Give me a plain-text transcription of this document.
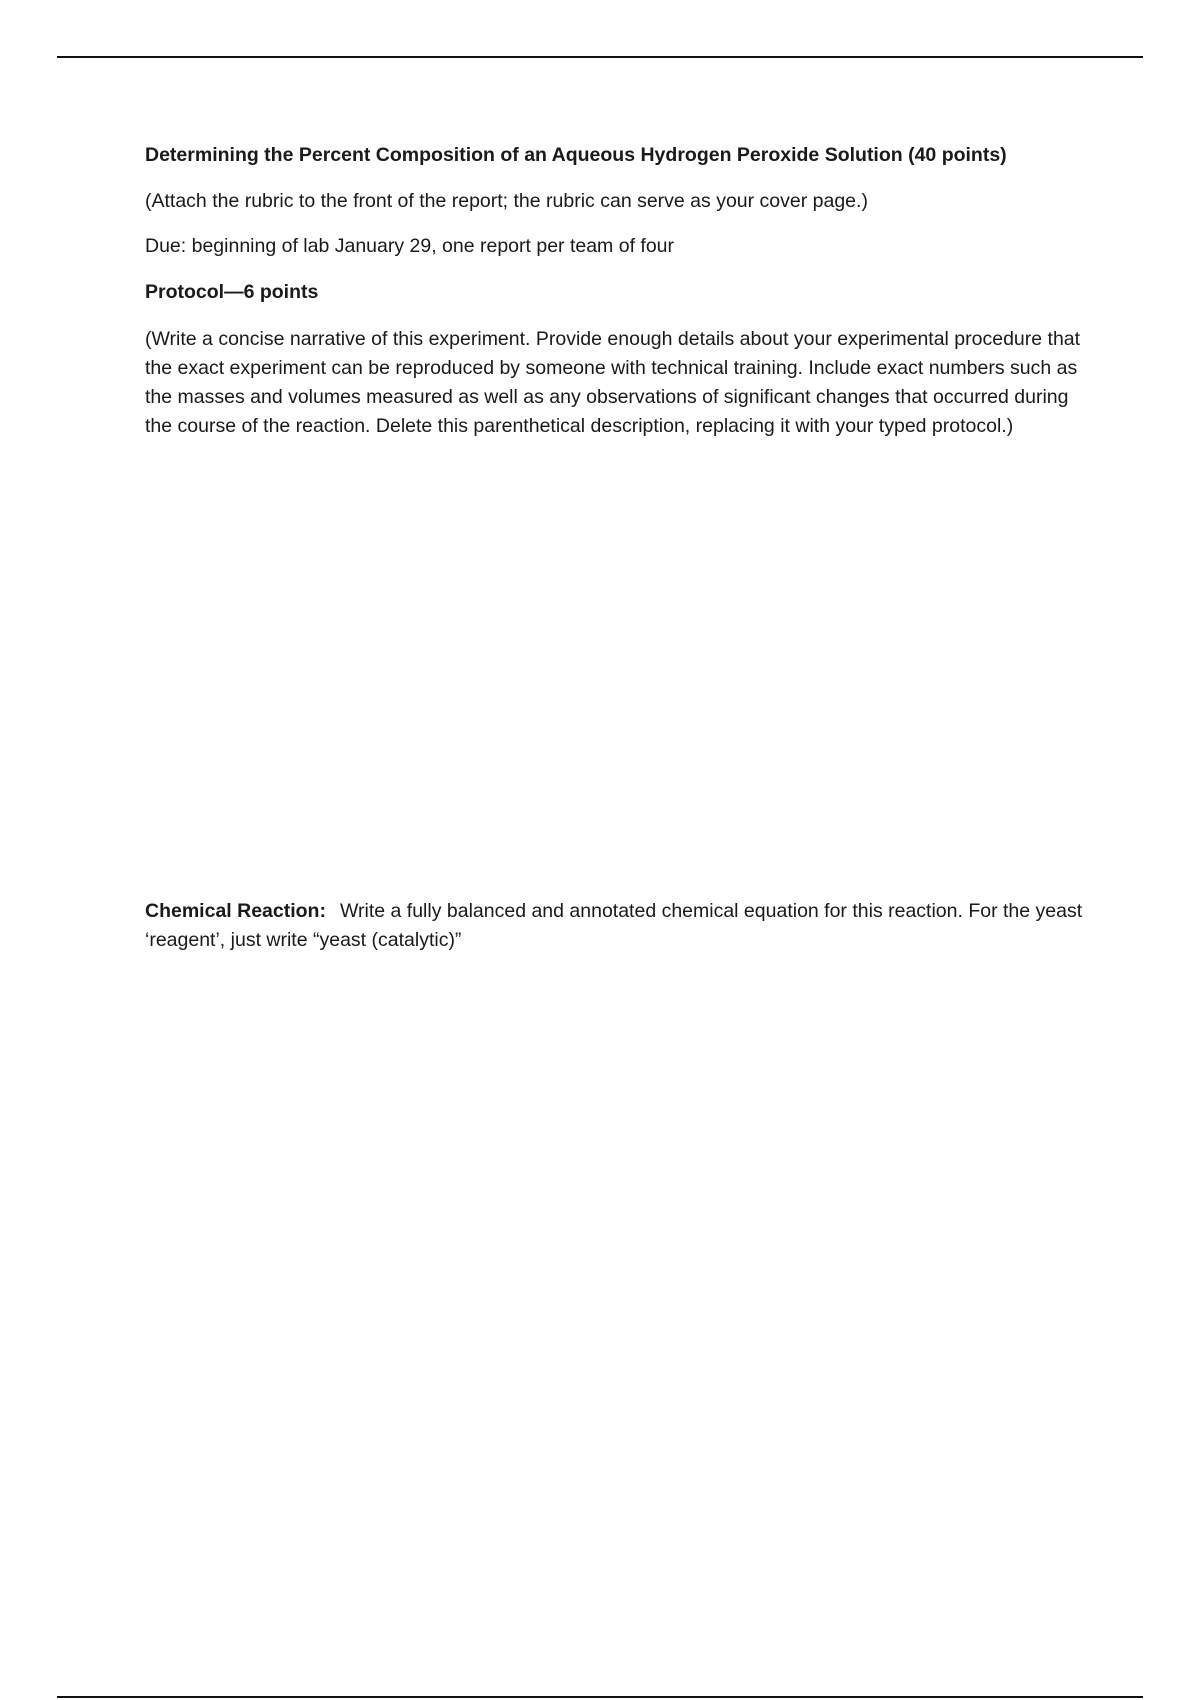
Determining the Percent Composition of an Aqueous Hydrogen Peroxide Solution (40 points)
(Attach the rubric to the front of the report; the rubric can serve as your cover page.)
Due: beginning of lab January 29, one report per team of four
Protocol—6 points
(Write a concise narrative of this experiment. Provide enough details about your experimental procedure that the exact experiment can be reproduced by someone with technical training. Include exact numbers such as the masses and volumes measured as well as any observations of significant changes that occurred during the course of the reaction. Delete this parenthetical description, replacing it with your typed protocol.)
Chemical Reaction: Write a fully balanced and annotated chemical equation for this reaction. For the yeast ‘reagent’, just write “yeast (catalytic)”
